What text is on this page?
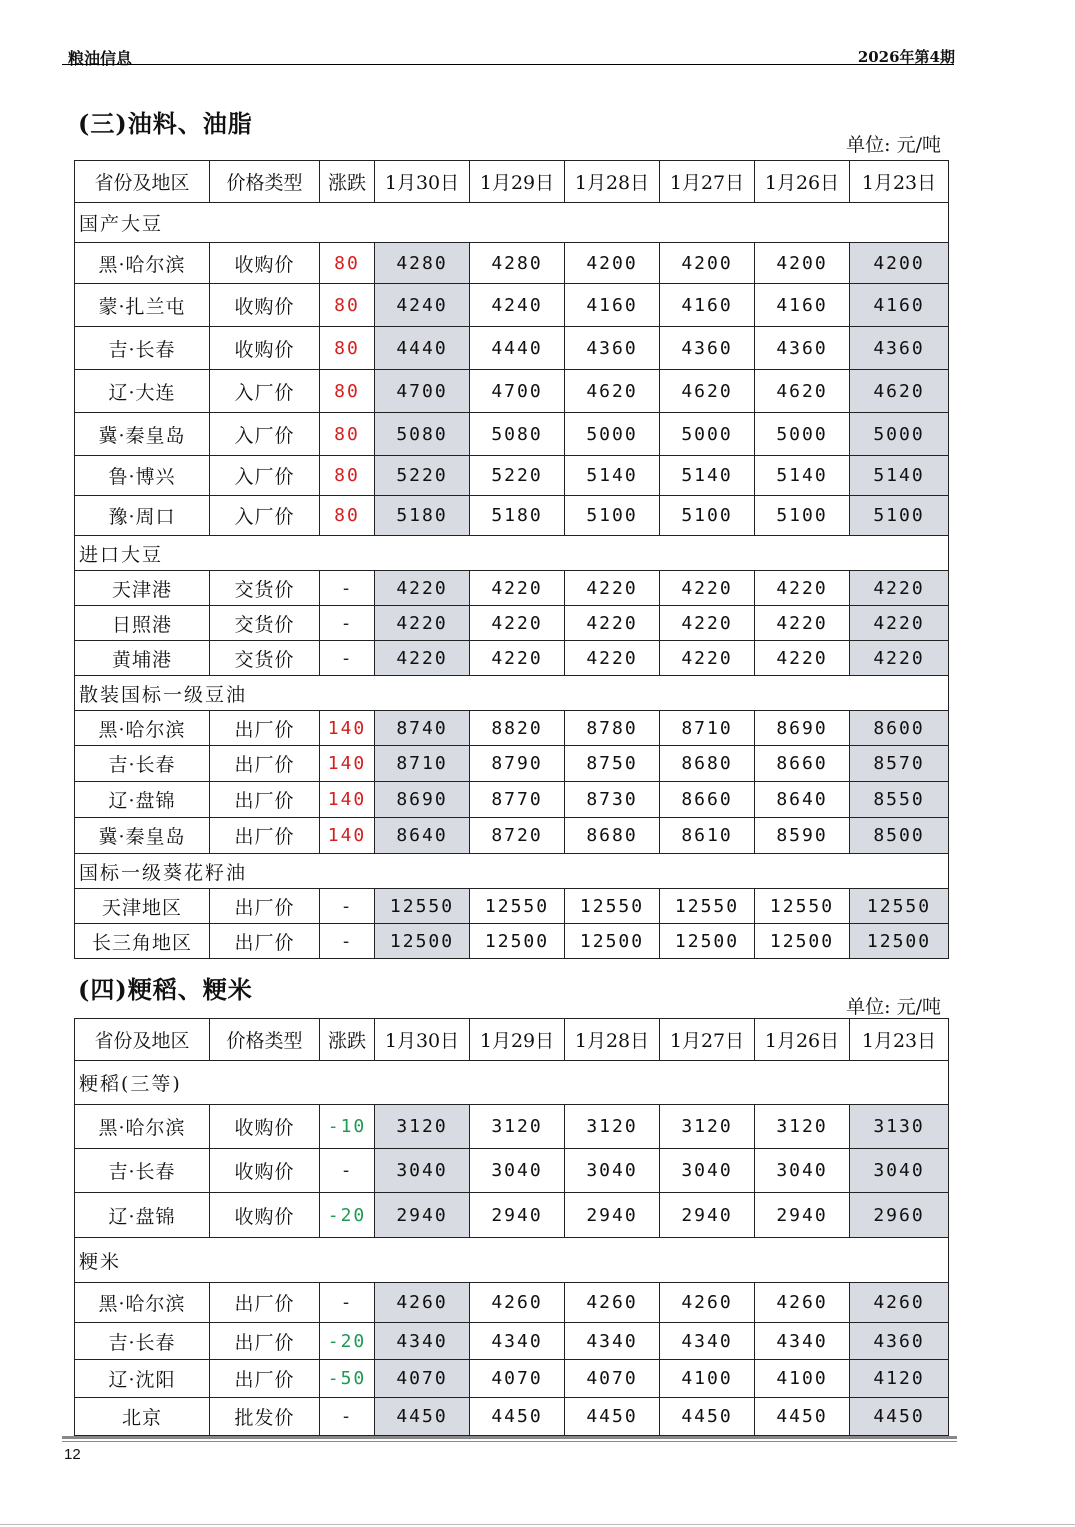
粮油信息	2026年第4期
(三)油料、油脂
单位: 元/吨
省份及地区	价格类型	涨跌	1月30日	1月29日	1月28日	1月27日	1月26日	1月23日
国产大豆								
黑·哈尔滨	收购价	80	4280	4280	4200	4200	4200	4200
蒙·扎兰屯	收购价	80	4240	4240	4160	4160	4160	4160
吉·长春	收购价	80	4440	4440	4360	4360	4360	4360
辽·大连	入厂价	80	4700	4700	4620	4620	4620	4620
冀·秦皇岛	入厂价	80	5080	5080	5000	5000	5000	5000
鲁·博兴	入厂价	80	5220	5220	5140	5140	5140	5140
豫·周口	入厂价	80	5180	5180	5100	5100	5100	5100
进口大豆								
天津港	交货价	-	4220	4220	4220	4220	4220	4220
日照港	交货价	-	4220	4220	4220	4220	4220	4220
黄埔港	交货价	-	4220	4220	4220	4220	4220	4220
散装国标一级豆油								
黑·哈尔滨	出厂价	140	8740	8820	8780	8710	8690	8600
吉·长春	出厂价	140	8710	8790	8750	8680	8660	8570
辽·盘锦	出厂价	140	8690	8770	8730	8660	8640	8550
冀·秦皇岛	出厂价	140	8640	8720	8680	8610	8590	8500
国标一级葵花籽油								
天津地区	出厂价	-	12550	12550	12550	12550	12550	12550
长三角地区	出厂价	-	12500	12500	12500	12500	12500	12500
(四)粳稻、粳米
单位: 元/吨
省份及地区	价格类型	涨跌	1月30日	1月29日	1月28日	1月27日	1月26日	1月23日
粳稻(三等)								
黑·哈尔滨	收购价	-10	3120	3120	3120	3120	3120	3130
吉·长春	收购价	-	3040	3040	3040	3040	3040	3040
辽·盘锦	收购价	-20	2940	2940	2940	2940	2940	2960
粳米								
黑·哈尔滨	出厂价	-	4260	4260	4260	4260	4260	4260
吉·长春	出厂价	-20	4340	4340	4340	4340	4340	4360
辽·沈阳	出厂价	-50	4070	4070	4070	4100	4100	4120
北京	批发价	-	4450	4450	4450	4450	4450	4450
12
